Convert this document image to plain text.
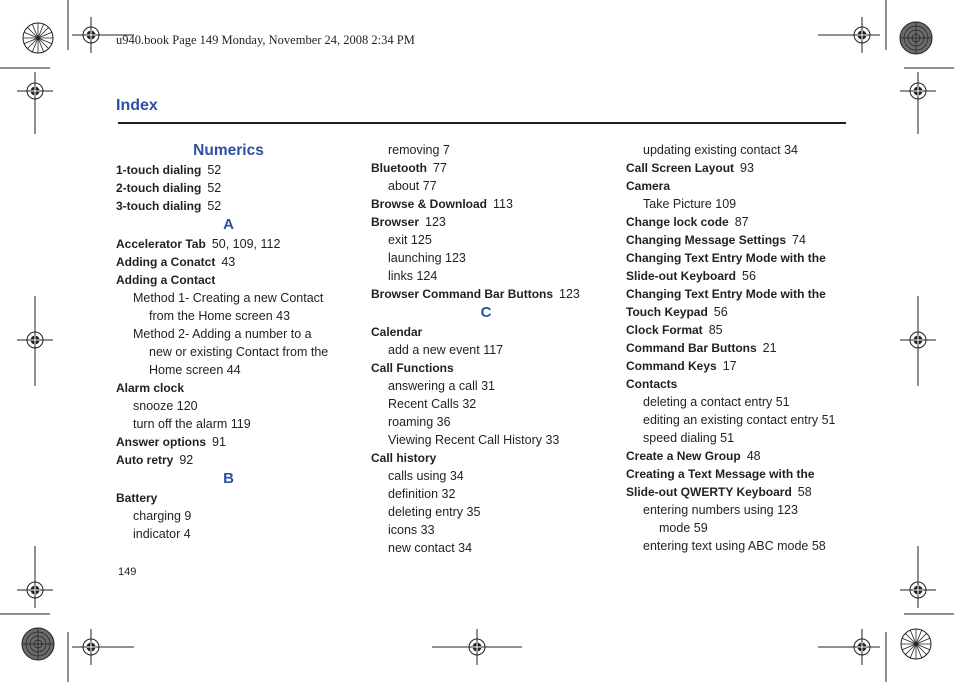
u940.book Page 149 Monday, November 24, 2008 2:34 PM
Index
Numerics
1-touch dialing 52
2-touch dialing 52
3-touch dialing 52
A
Accelerator Tab 50, 109, 112
Adding a Conatct 43
Adding a Contact
Method 1- Creating a new Contact
from the Home screen 43
Method 2- Adding a number to a
new or existing Contact from the
Home screen 44
Alarm clock
snooze 120
turn off the alarm 119
Answer options 91
Auto retry 92
B
Battery
charging 9
indicator 4
removing 7
Bluetooth 77
about 77
Browse & Download 113
Browser 123
exit 125
launching 123
links 124
Browser Command Bar Buttons 123
C
Calendar
add a new event 117
Call Functions
answering a call 31
Recent Calls 32
roaming 36
Viewing Recent Call History 33
Call history
calls using 34
definition 32
deleting entry 35
icons 33
new contact 34
updating existing contact 34
Call Screen Layout 93
Camera
Take Picture 109
Change lock code 87
Changing Message Settings 74
Changing Text Entry Mode with the
Slide-out Keyboard 56
Changing Text Entry Mode with the
Touch Keypad 56
Clock Format 85
Command Bar Buttons 21
Command Keys 17
Contacts
deleting a contact entry 51
editing an existing contact entry 51
speed dialing 51
Create a New Group 48
Creating a Text Message with the
Slide-out QWERTY Keyboard 58
entering numbers using 123
mode 59
entering text using ABC mode 58
149
